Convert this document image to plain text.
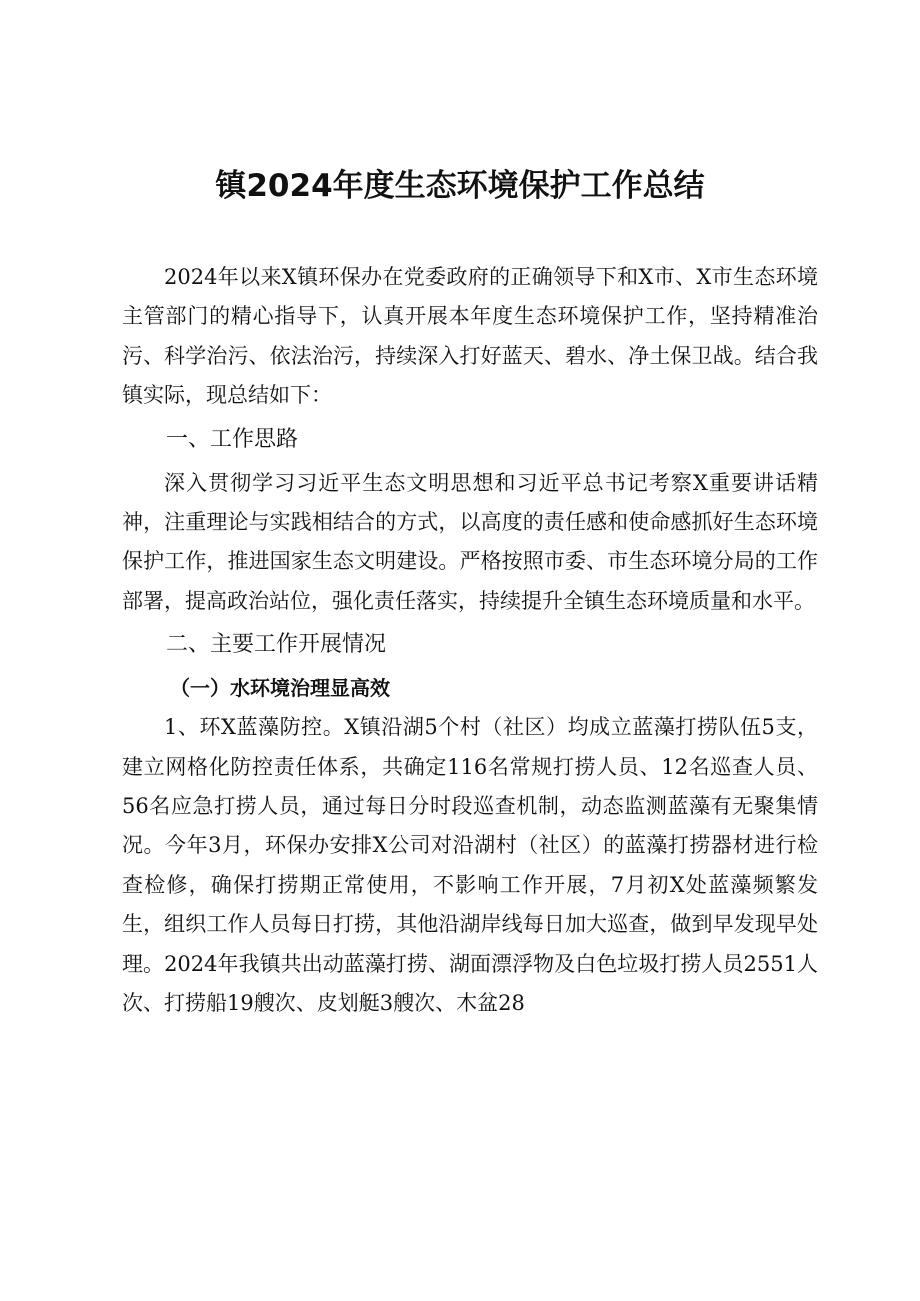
镇2024年度生态环境保护工作总结

2024年以来X镇环保办在党委政府的正确领导下和X市、X市生态环境主管部门的精心指导下，认真开展本年度生态环境保护工作，坚持精准治污、科学治污、依法治污，持续深入打好蓝天、碧水、净土保卫战。结合我镇实际，现总结如下：

一、工作思路

深入贯彻学习习近平生态文明思想和习近平总书记考察X重要讲话精神，注重理论与实践相结合的方式，以高度的责任感和使命感抓好生态环境保护工作，推进国家生态文明建设。严格按照市委、市生态环境分局的工作部署，提高政治站位，强化责任落实，持续提升全镇生态环境质量和水平。

二、主要工作开展情况

（一）水环境治理显高效

1、环X蓝藻防控。X镇沿湖5个村（社区）均成立蓝藻打捞队伍5支，建立网格化防控责任体系，共确定116名常规打捞人员、12名巡查人员、56名应急打捞人员，通过每日分时段巡查机制，动态监测蓝藻有无聚集情况。今年3月，环保办安排X公司对沿湖村（社区）的蓝藻打捞器材进行检查检修，确保打捞期正常使用，不影响工作开展，7月初X处蓝藻频繁发生，组织工作人员每日打捞，其他沿湖岸线每日加大巡查，做到早发现早处理。2024年我镇共出动蓝藻打捞、湖面漂浮物及白色垃圾打捞人员2551人次、打捞船19艘次、皮划艇3艘次、木盆28
